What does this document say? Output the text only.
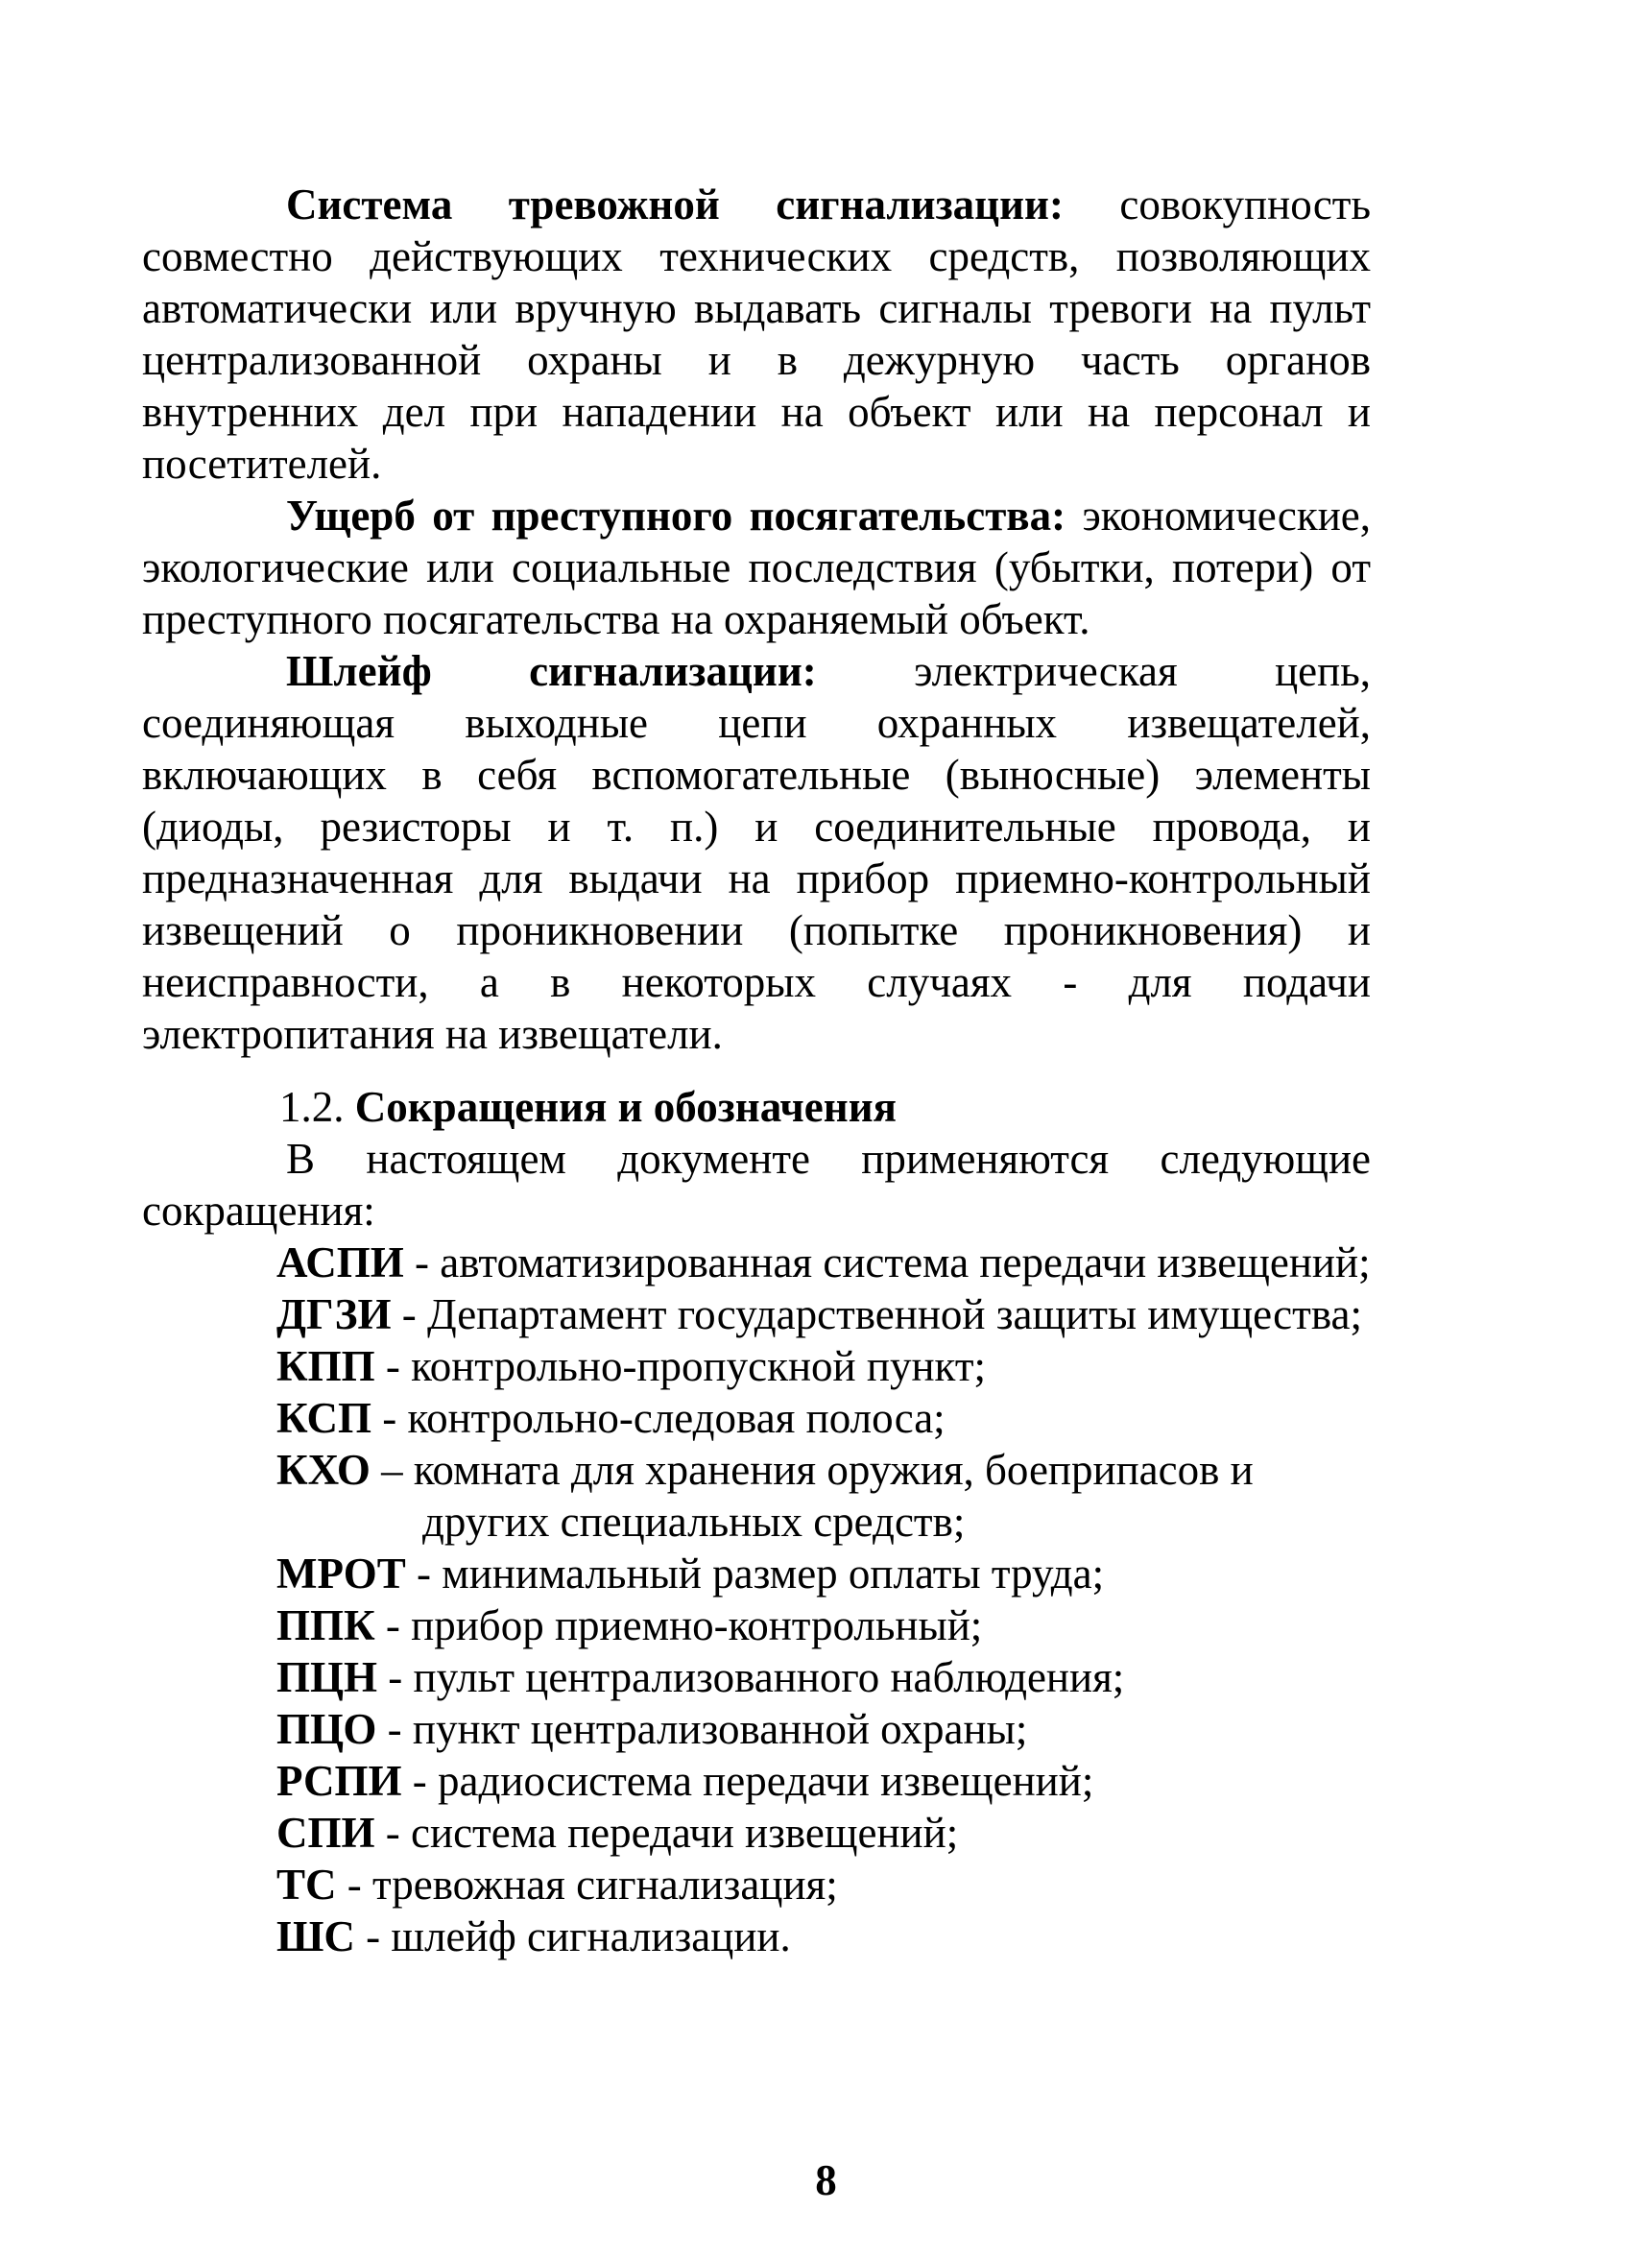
Система тревожной сигнализации: совокупность совместно действующих технических средств, позволяющих автоматически или вручную выдавать сигналы тревоги на пульт централизованной охраны и в дежурную часть органов внутренних дел при нападении на объект или на персонал и посетителей.

Ущерб от преступного посягательства: экономические, экологические или социальные последствия (убытки, потери) от преступного посягательства на охраняемый объект.

Шлейф сигнализации: электрическая цепь, соединяющая выходные цепи охранных извещателей, включающих в себя вспомогательные (выносные) элементы (диоды, резисторы и т. п.) и соединительные провода, и предназначенная для выдачи на прибор приемно-контрольный извещений о проникновении (попытке проникновения) и неисправности, а в некоторых случаях - для подачи электропитания на извещатели.

1.2. Сокращения и обозначения

В настоящем документе применяются следующие сокращения:

АСПИ - автоматизированная система передачи извещений;
ДГЗИ - Департамент государственной защиты имущества;
КПП - контрольно-пропускной пункт;
КСП - контрольно-следовая полоса;
КХО – комната для хранения оружия, боеприпасов и других специальных средств;
МРОТ - минимальный размер оплаты труда;
ППК - прибор приемно-контрольный;
ПЦН - пульт централизованного наблюдения;
ПЦО - пункт централизованной охраны;
РСПИ - радиосистема передачи извещений;
СПИ - система передачи извещений;
ТС - тревожная сигнализация;
ШС - шлейф сигнализации.
8
